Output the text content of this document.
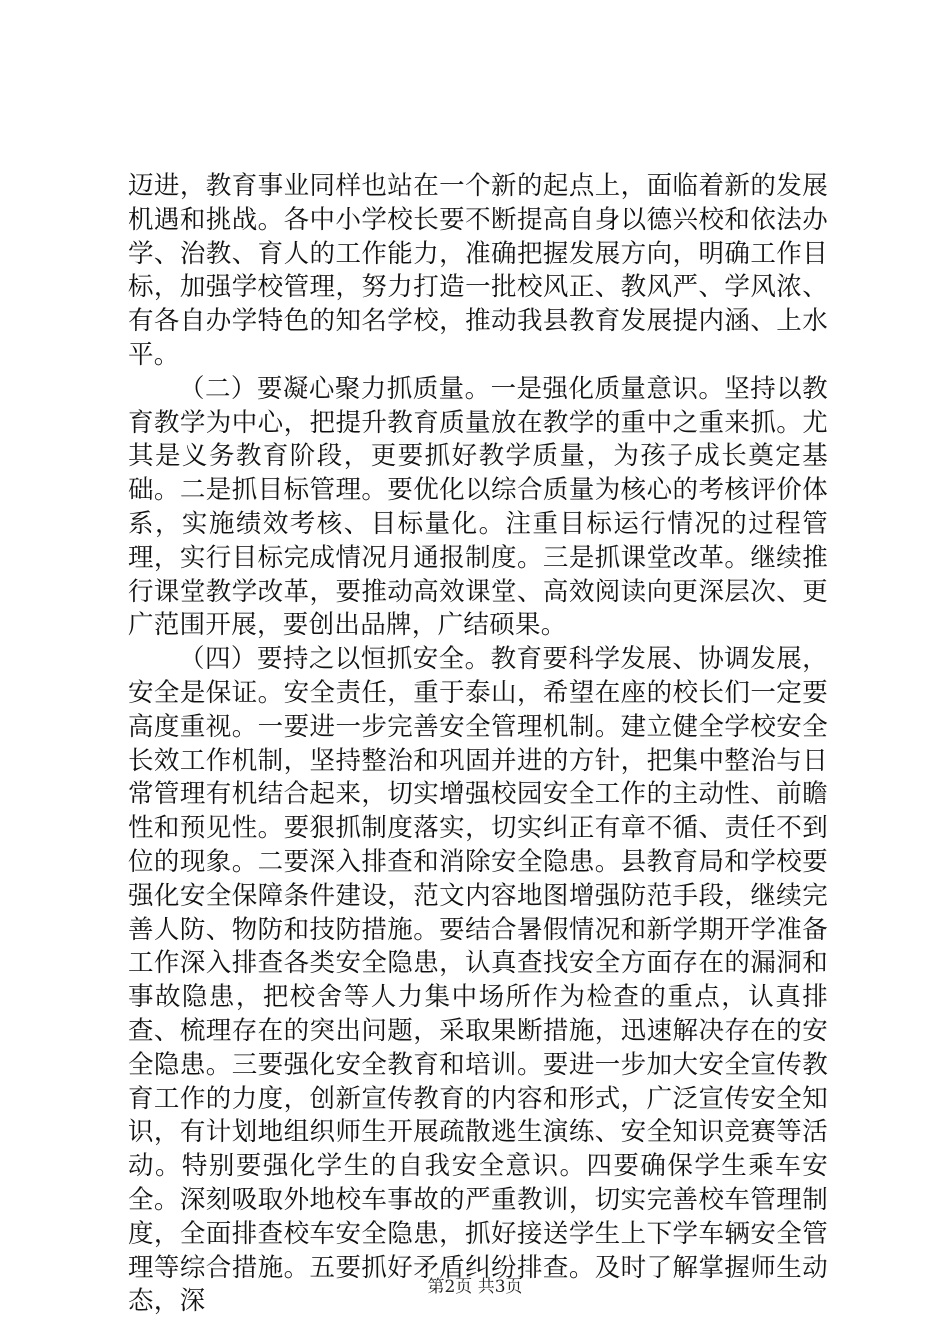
迈进，教育事业同样也站在一个新的起点上，面临着新的发展机遇和挑战。各中小学校长要不断提高自身以德兴校和依法办学、治教、育人的工作能力，准确把握发展方向，明确工作目标，加强学校管理，努力打造一批校风正、教风严、学风浓、有各自办学特色的知名学校，推动我县教育发展提内涵、上水平。

（二）要凝心聚力抓质量。一是强化质量意识。坚持以教育教学为中心，把提升教育质量放在教学的重中之重来抓。尤其是义务教育阶段，更要抓好教学质量，为孩子成长奠定基础。二是抓目标管理。要优化以综合质量为核心的考核评价体系，实施绩效考核、目标量化。注重目标运行情况的过程管理，实行目标完成情况月通报制度。三是抓课堂改革。继续推行课堂教学改革，要推动高效课堂、高效阅读向更深层次、更广范围开展，要创出品牌，广结硕果。

（四）要持之以恒抓安全。教育要科学发展、协调发展，安全是保证。安全责任，重于泰山，希望在座的校长们一定要高度重视。一要进一步完善安全管理机制。建立健全学校安全长效工作机制，坚持整治和巩固并进的方针，把集中整治与日常管理有机结合起来，切实增强校园安全工作的主动性、前瞻性和预见性。要狠抓制度落实，切实纠正有章不循、责任不到位的现象。二要深入排查和消除安全隐患。县教育局和学校要强化安全保障条件建设，范文内容地图增强防范手段，继续完善人防、物防和技防措施。要结合暑假情况和新学期开学准备工作深入排查各类安全隐患，认真查找安全方面存在的漏洞和事故隐患，把校舍等人力集中场所作为检查的重点，认真排查、梳理存在的突出问题，采取果断措施，迅速解决存在的安全隐患。三要强化安全教育和培训。要进一步加大安全宣传教育工作的力度，创新宣传教育的内容和形式，广泛宣传安全知识，有计划地组织师生开展疏散逃生演练、安全知识竞赛等活动。特别要强化学生的自我安全意识。四要确保学生乘车安全。深刻吸取外地校车事故的严重教训，切实完善校车管理制度，全面排查校车安全隐患，抓好接送学生上下学车辆安全管理等综合措施。五要抓好矛盾纠纷排查。及时了解掌握师生动态，深	第2页 共3页
